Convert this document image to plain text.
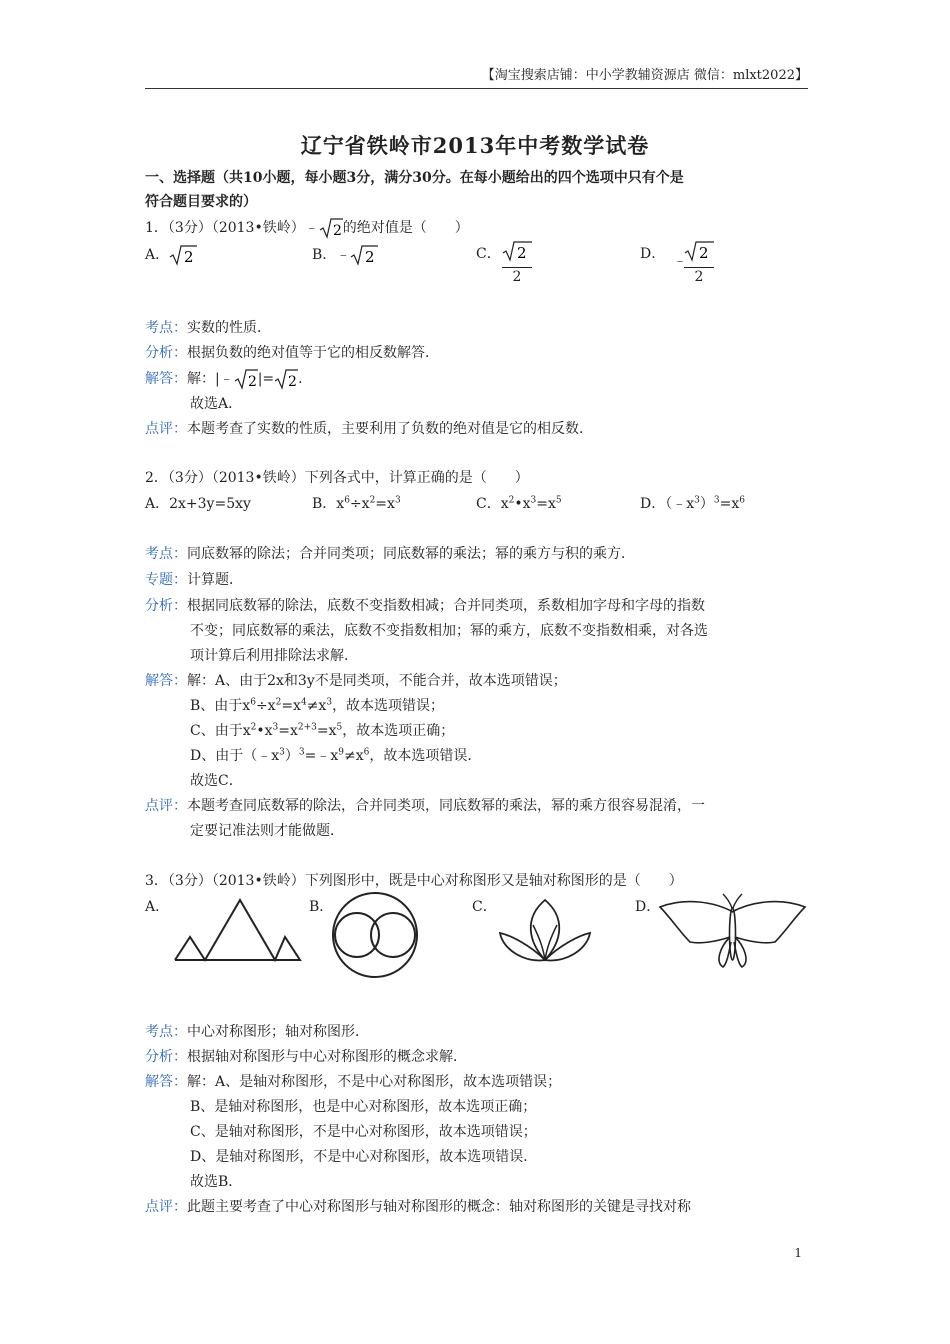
【淘宝搜索店铺：中小学教辅资源店 微信：mlxt2022】
辽宁省铁岭市2013年中考数学试卷
一、选择题（共10小题，每小题3分，满分30分。在每小题给出的四个选项中只有个是
符合题目要求的）
1．（3分）（2013•铁岭）﹣ 2 的绝对值是（　　）
A． 2	B．﹣ 2	C． 2
2
D． ﹣ 2
2
考点：实数的性质．
分析：根据负数的绝对值等于它的相反数解答．
解答：解：|﹣ 2 |= 2 ．
故选A．
点评：本题考查了实数的性质，主要利用了负数的绝对值是它的相反数．
2．（3分）（2013•铁岭）下列各式中，计算正确的是（　　）
A．2x+3y=5xy	B．$x^6\div x^2=x^3$	C．$x^2•x^3=x^5$	D．$(﹣x^3)^3=x^6$
考点：同底数幂的除法；合并同类项；同底数幂的乘法；幂的乘方与积的乘方．
专题：计算题．
分析：根据同底数幂的除法，底数不变指数相减；合并同类项，系数相加字母和字母的指数
不变；同底数幂的乘法，底数不变指数相加；幂的乘方，底数不变指数相乘，对各选
项计算后利用排除法求解．
解答：解：A、由于2x和3y不是同类项，不能合并，故本选项错误；
B、由于$x^6\div x^2=x^4\ne x^3$，故本选项错误；
C、由于$x^2•x^3=x^{2+3}=x^5$，故本选项正确；
D、由于$(﹣x^3)^3=﹣x^9\ne x^6$，故本选项错误．
故选C．
点评：本题考查同底数幂的除法，合并同类项，同底数幂的乘法，幂的乘方很容易混淆，一
定要记准法则才能做题．
3．（3分）（2013•铁岭）下列图形中，既是中心对称图形又是轴对称图形的是（　　）
A．	B．	C．	D．
考点：中心对称图形；轴对称图形．
分析：根据轴对称图形与中心对称图形的概念求解．
解答：解：A、是轴对称图形，不是中心对称图形，故本选项错误；
B、是轴对称图形，也是中心对称图形，故本选项正确；
C、是轴对称图形，不是中心对称图形，故本选项错误；
D、是轴对称图形，不是中心对称图形，故本选项错误．
故选B．
点评：此题主要考查了中心对称图形与轴对称图形的概念：轴对称图形的关键是寻找对称
1
